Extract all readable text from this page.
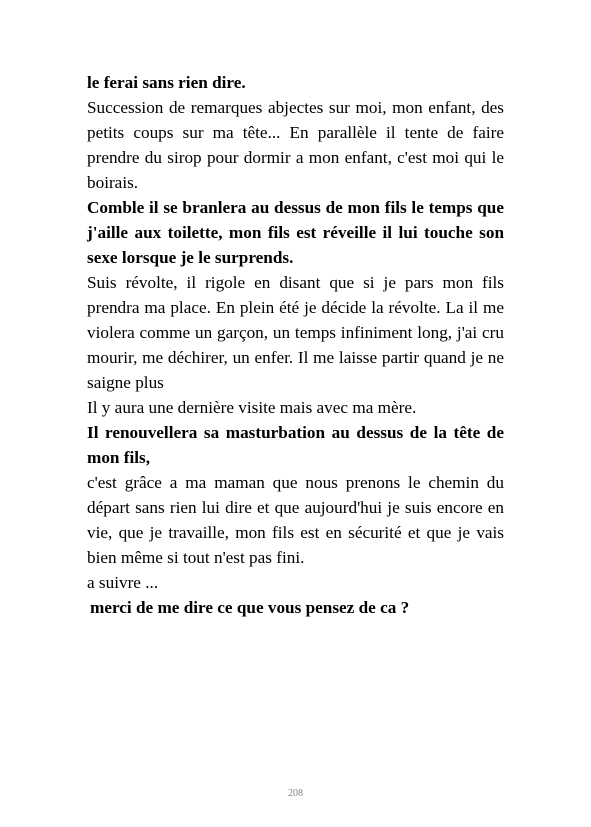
le ferai sans rien dire.

Succession de remarques abjectes sur moi, mon enfant, des petits coups sur ma tête... En parallèle il tente de faire prendre du sirop pour dormir a mon enfant, c'est moi qui le boirais.

Comble il se branlera au dessus de mon fils le temps que j'aille aux toilette, mon fils est réveille il lui touche son sexe lorsque je le surprends.

Suis révolte, il rigole en disant que si je pars mon fils prendra ma place. En plein été je décide la révolte. La il me violera comme un garçon, un temps infiniment long, j'ai cru mourir, me déchirer, un enfer. Il me laisse partir quand je ne saigne plus

Il y aura une dernière visite mais avec ma mère.

Il renouvellera sa masturbation au dessus de la tête de mon fils,

c'est grâce a ma maman que nous prenons le chemin du départ sans rien lui dire et que aujourd'hui je suis encore en vie, que je travaille, mon fils est en sécurité et que je vais bien même si tout n'est pas fini.

a suivre ...

merci de me dire ce que vous pensez de ca ?

208
